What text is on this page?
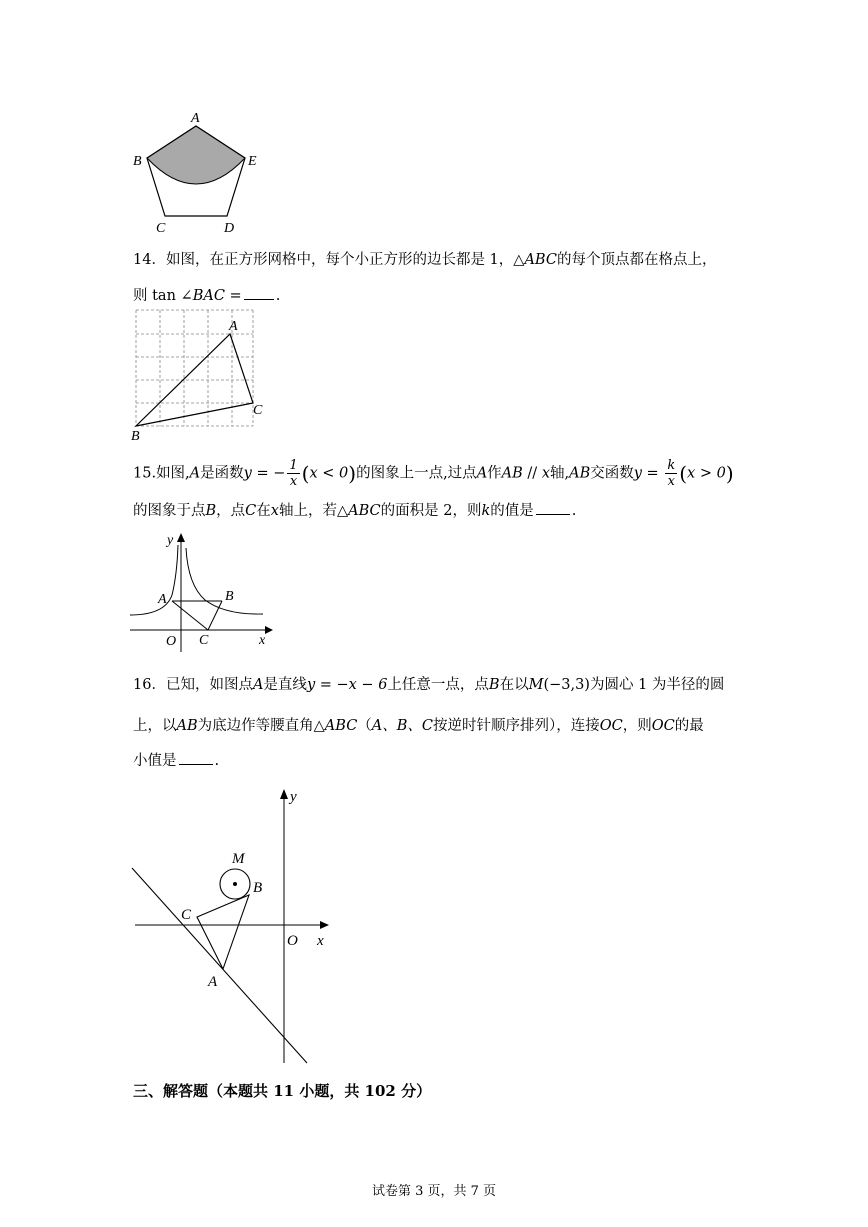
A
B	E
C	D
14．如图，在正方形网格中，每个小正方形的边长都是 1，△ABC的每个顶点都在格点上，
则 tan ∠BAC = .
A
C
B
15.如图,A是函数y = − $\frac{1}{x} (x < 0)$的图象上一点,过点A作AB // x轴,AB交函数$y = \frac{k}{x} (x > 0)$
的图象于点B，点C在x轴上，若△ABC的面积是 2，则k的值是	.
y
A	B
O C	x
16．已知，如图点A是直线y = −x − 6上任意一点，点B在以M(−3,3)为圆心 1 为半径的圆
上，以AB为底边作等腰直角△ABC（A、B、C按逆时针顺序排列），连接OC，则OC的最
小值是	.
y
M
B
C
O x
A
三、解答题（本题共 11 小题，共 102 分）
试卷第 3 页，共 7 页
